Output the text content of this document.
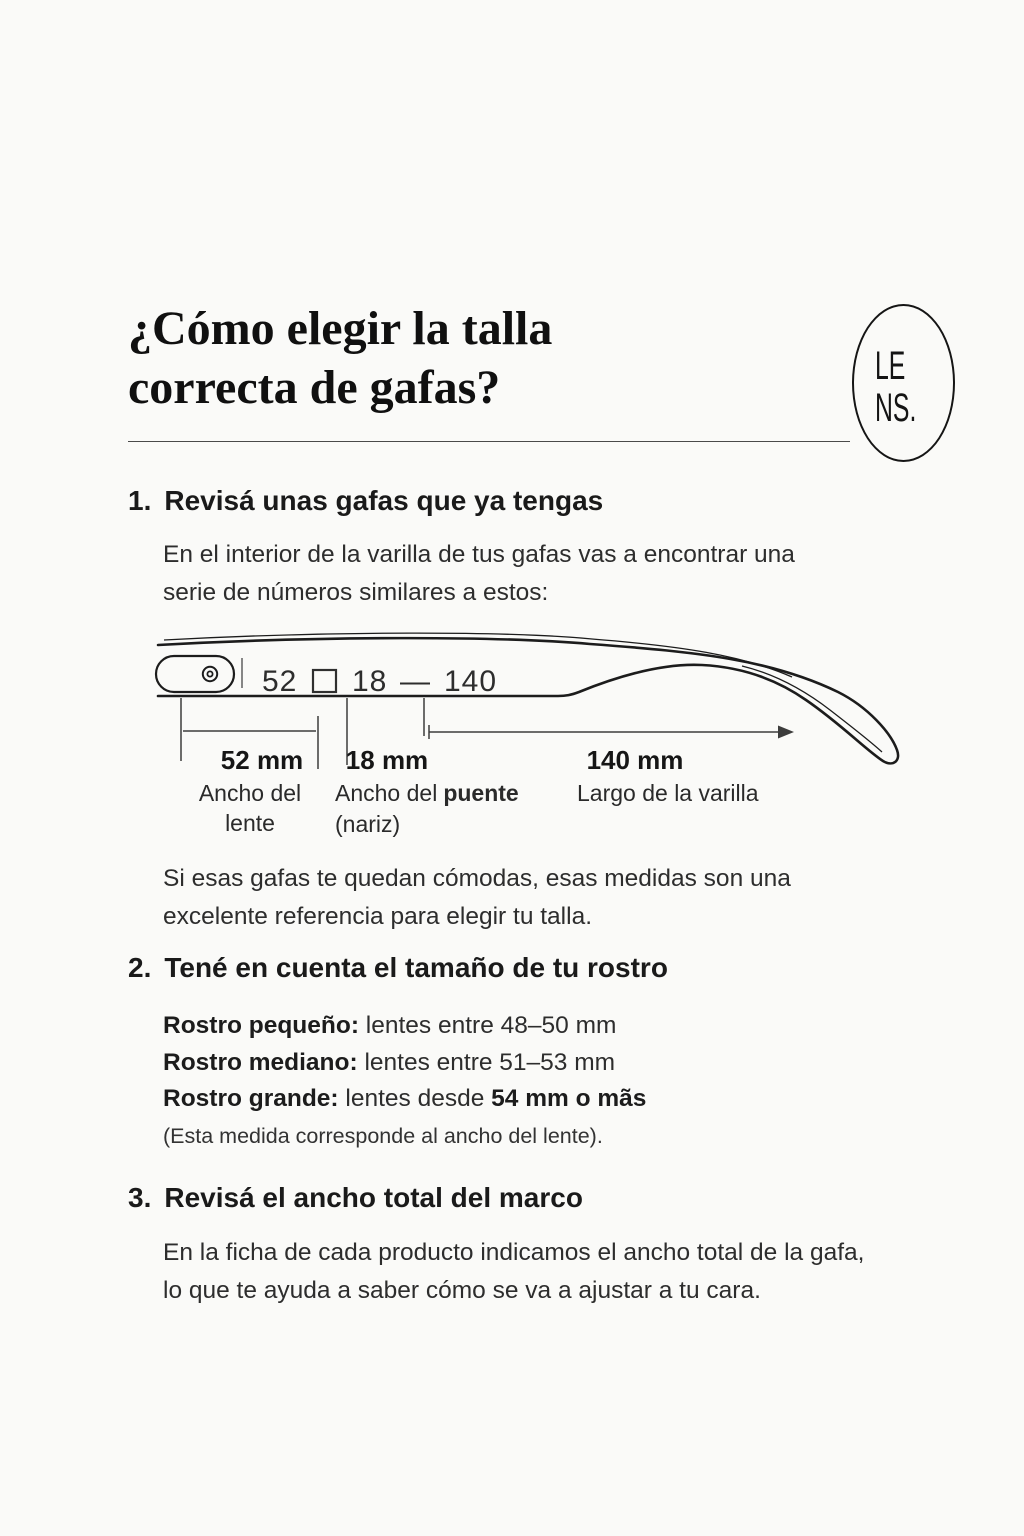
¿Cómo elegir la talla
correcta de gafas?	LE
NS.
1. Revisá unas gafas que ya tengas
En el interior de la varilla de tus gafas vas a encontrar una
serie de números similares a estos:
52 18 — 140
52 mm 18 mm	140 mm
Ancho del
lente
Ancho del puente
(nariz)
Largo de la varilla
Si esas gafas te quedan cómodas, esas medidas son una
excelente referencia para elegir tu talla.
2. Tené en cuenta el tamaño de tu rostro
Rostro pequeño: lentes entre 48–50 mm
Rostro mediano: lentes entre 51–53 mm
Rostro grande: lentes desde 54 mm o mãs
(Esta medida corresponde al ancho del lente).
3. Revisá el ancho total del marco
En la ficha de cada producto indicamos el ancho total de la gafa,
lo que te ayuda a saber cómo se va a ajustar a tu cara.
